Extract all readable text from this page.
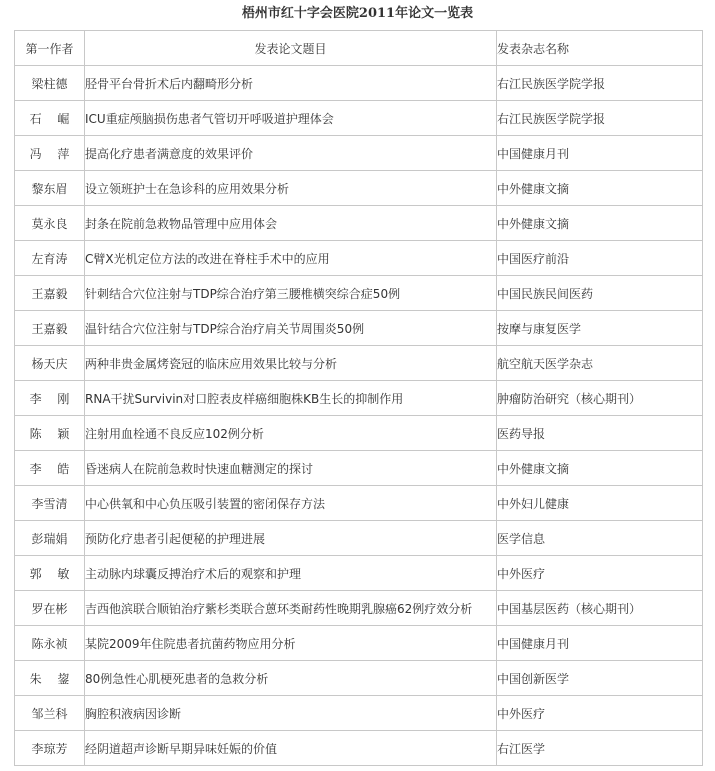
梧州市红十字会医院2011年论文一览表
第一作者	发表论文题目	发表杂志名称
梁柱德	胫骨平台骨折术后内翻畸形分析	右江民族医学院学报
石　 崛	ICU重症颅脑损伤患者气管切开呼吸道护理体会	右江民族医学院学报
冯　 萍	提高化疗患者满意度的效果评价	中国健康月刊
黎东眉	设立领班护士在急诊科的应用效果分析	中外健康文摘
莫永良	封条在院前急救物品管理中应用体会	中外健康文摘
左育涛	C臂X光机定位方法的改进在脊柱手术中的应用	中国医疗前沿
王嘉毅	针刺结合穴位注射与TDP综合治疗第三腰椎横突综合症50例	中国民族民间医药
王嘉毅	温针结合穴位注射与TDP综合治疗肩关节周围炎50例	按摩与康复医学
杨天庆	两种非贵金属烤瓷冠的临床应用效果比较与分析	航空航天医学杂志
李　 刚	RNA干扰Survivin对口腔表皮样癌细胞株KB生长的抑制作用	肿瘤防治研究（核心期刊）
陈　 颖	注射用血栓通不良反应102例分析	医药导报
李　 皓	昏迷病人在院前急救时快速血糖测定的探讨	中外健康文摘
李雪清	中心供氧和中心负压吸引装置的密闭保存方法	中外妇儿健康
彭瑞娟	预防化疗患者引起便秘的护理进展	医学信息
郭　 敏	主动脉内球囊反搏治疗术后的观察和护理	中外医疗
罗在彬	吉西他滨联合顺铂治疗紫杉类联合蒽环类耐药性晚期乳腺癌62例疗效分析	中国基层医药（核心期刊）
陈永祯	某院2009年住院患者抗菌药物应用分析	中国健康月刊
朱　 鋆	80例急性心肌梗死患者的急救分析	中国创新医学
邹兰科	胸腔积液病因诊断	中外医疗
李琼芳	经阴道超声诊断早期异味妊娠的价值	右江医学
